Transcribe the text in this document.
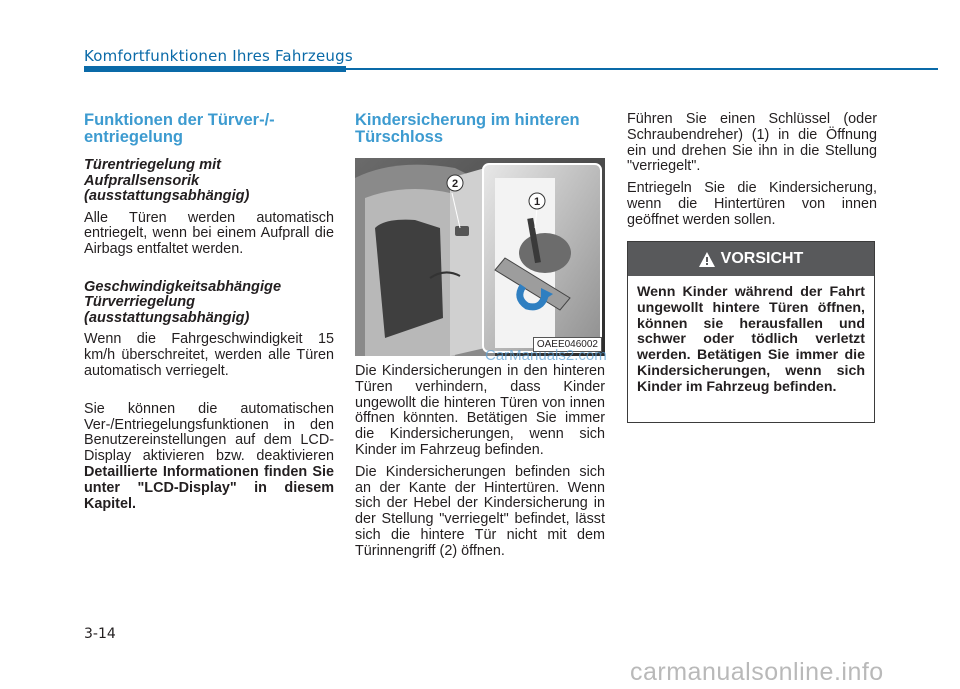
Komfortfunktionen Ihres Fahrzeugs
Funktionen der Türver-/-entriegelung
Türentriegelung mit Aufprallsensorik (ausstattungsabhängig)

Alle Türen werden automatisch entriegelt, wenn bei einem Aufprall die Airbags entfaltet werden.

Geschwindigkeitsabhängige Türverriegelung (ausstattungsabhängig)

Wenn die Fahrgeschwindigkeit 15 km/h überschreitet, werden alle Türen automatisch verriegelt.

Sie können die automatischen Ver-/Entriegelungsfunktionen in den Benutzereinstellungen auf dem LCD-Display aktivieren bzw. deaktivieren Detaillierte Informationen finden Sie unter "LCD-Display" in diesem Kapitel.

Kindersicherung im hinteren Türschloss
2
1
OAEE046002

Die Kindersicherungen in den hinteren Türen verhindern, dass Kinder ungewollt die hinteren Türen von innen öffnen könnten. Betätigen Sie immer die Kindersicherungen, wenn sich Kinder im Fahrzeug befinden.

Die Kindersicherungen befinden sich an der Kante der Hintertüren. Wenn sich der Hebel der Kindersicherung in der Stellung "verriegelt" befindet, lässt sich die hintere Tür nicht mit dem Türinnengriff (2) öffnen.

CarManuals2.com

Führen Sie einen Schlüssel (oder Schraubendreher) (1) in die Öffnung ein und drehen Sie ihn in die Stellung "verriegelt".

Entriegeln Sie die Kindersicherung, wenn die Hintertüren von innen geöffnet werden sollen.

VORSICHT
Wenn Kinder während der Fahrt ungewollt hintere Türen öffnen, können sie herausfallen und schwer oder tödlich verletzt werden. Betätigen Sie immer die Kindersicherungen, wenn sich Kinder im Fahrzeug befinden.
3-14
carmanualsonline.info
